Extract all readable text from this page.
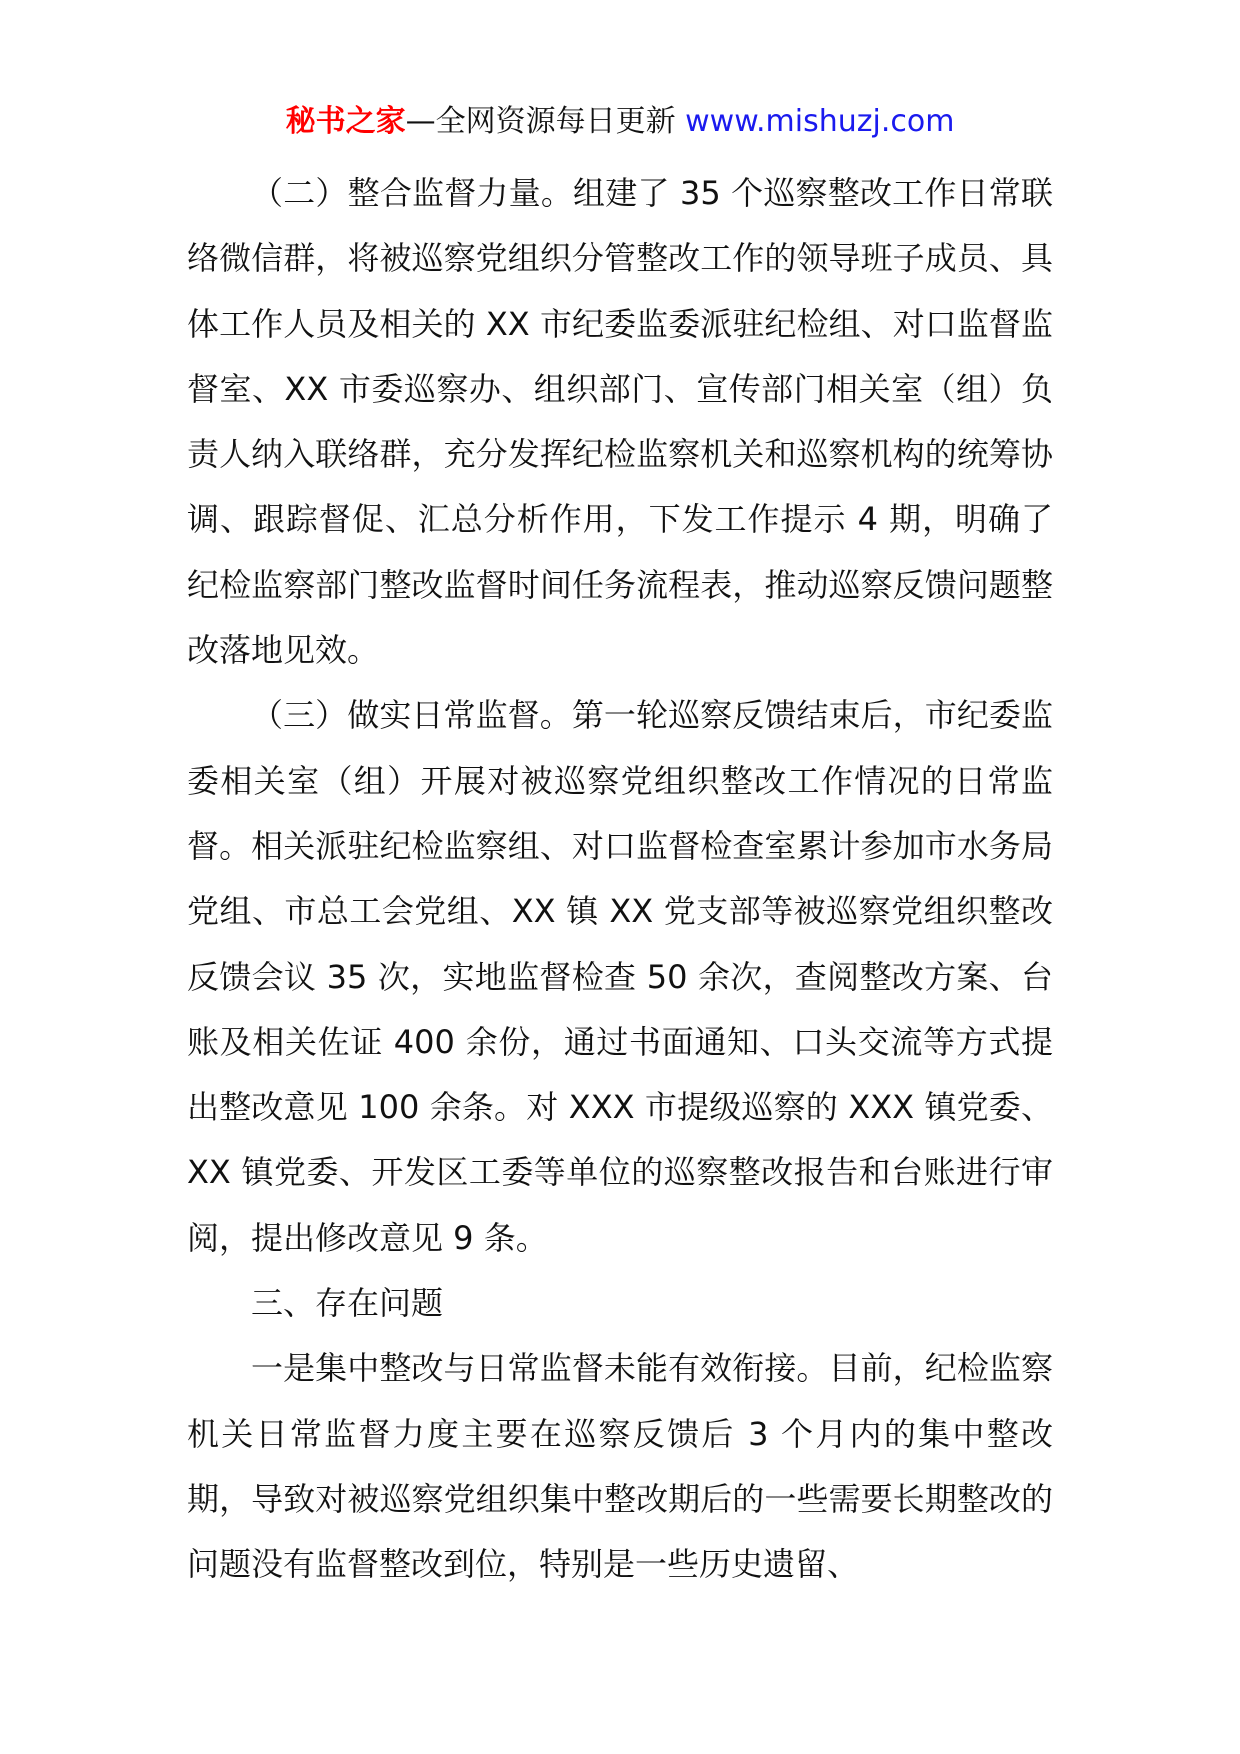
秘书之家—全网资源每日更新 www.mishuzj.com

（二）整合监督力量。组建了 35 个巡察整改工作日常联络微信群，将被巡察党组织分管整改工作的领导班子成员、具体工作人员及相关的 XX 市纪委监委派驻纪检组、对口监督监督室、XX 市委巡察办、组织部门、宣传部门相关室（组）负责人纳入联络群，充分发挥纪检监察机关和巡察机构的统筹协调、跟踪督促、汇总分析作用，下发工作提示 4 期，明确了纪检监察部门整改监督时间任务流程表，推动巡察反馈问题整改落地见效。

（三）做实日常监督。第一轮巡察反馈结束后，市纪委监委相关室（组）开展对被巡察党组织整改工作情况的日常监督。相关派驻纪检监察组、对口监督检查室累计参加市水务局党组、市总工会党组、XX 镇 XX 党支部等被巡察党组织整改反馈会议 35 次，实地监督检查 50 余次，查阅整改方案、台账及相关佐证 400 余份，通过书面通知、口头交流等方式提出整改意见 100 余条。对 XXX 市提级巡察的 XXX 镇党委、XX 镇党委、开发区工委等单位的巡察整改报告和台账进行审阅，提出修改意见 9 条。

三、存在问题

一是集中整改与日常监督未能有效衔接。目前，纪检监察机关日常监督力度主要在巡察反馈后 3 个月内的集中整改期，导致对被巡察党组织集中整改期后的一些需要长期整改的问题没有监督整改到位，特别是一些历史遗留、
